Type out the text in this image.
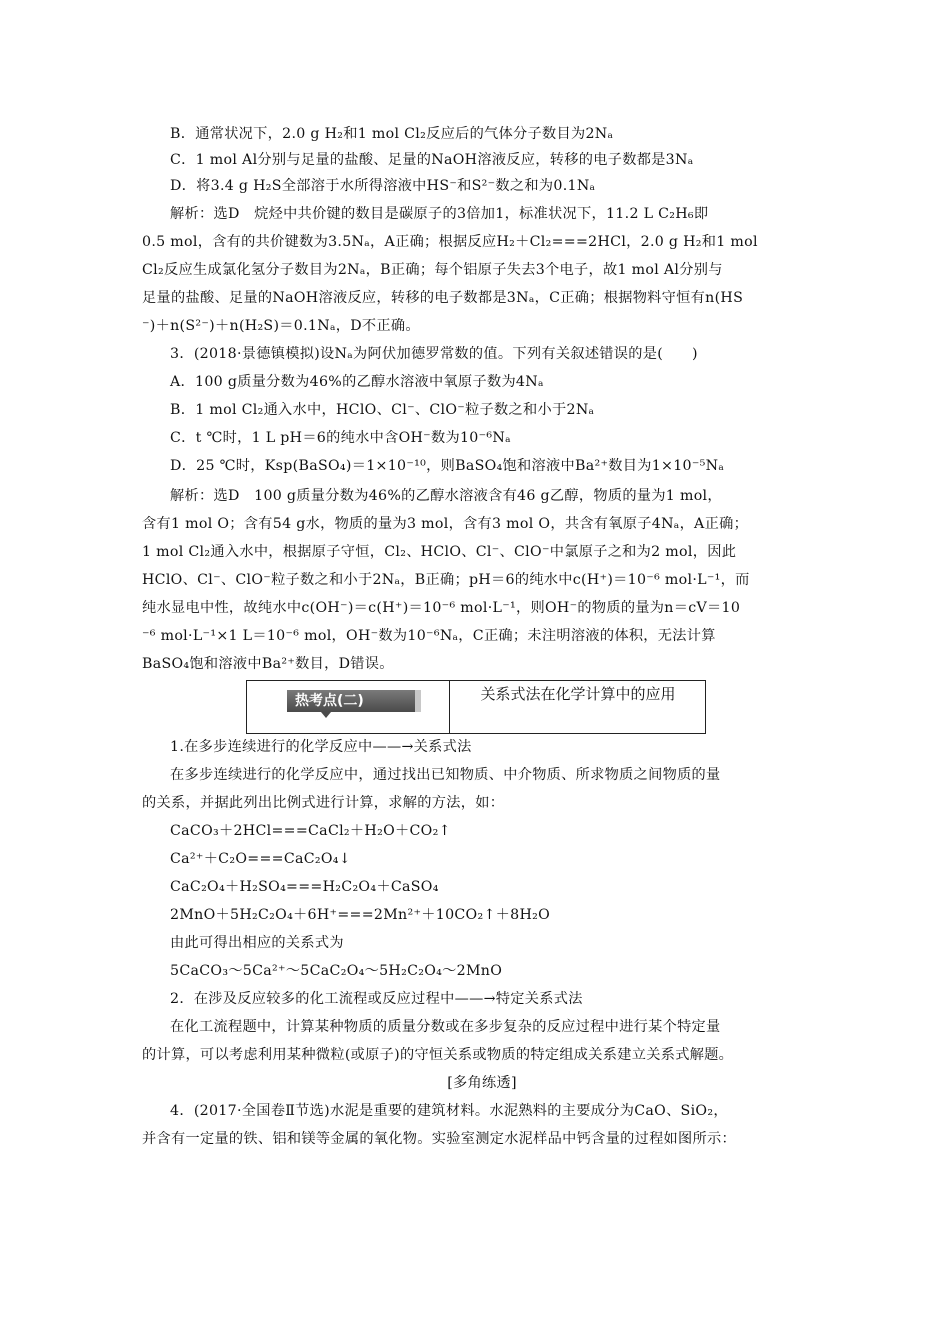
B．通常状况下，2.0 g H₂和1 mol Cl₂反应后的气体分子数目为2Nₐ
C．1 mol Al分别与足量的盐酸、足量的NaOH溶液反应，转移的电子数都是3Nₐ
D．将3.4 g H₂S全部溶于水所得溶液中HS⁻和S²⁻数之和为0.1Nₐ
解析：选D　烷烃中共价键的数目是碳原子的3倍加1，标准状况下，11.2 L C₂H₆即
0.5 mol，含有的共价键数为3.5Nₐ，A正确；根据反应H₂＋Cl₂===2HCl，2.0 g H₂和1 mol
Cl₂反应生成氯化氢分子数目为2Nₐ，B正确；每个铝原子失去3个电子，故1 mol Al分别与
足量的盐酸、足量的NaOH溶液反应，转移的电子数都是3Nₐ，C正确；根据物料守恒有n(HS
⁻)＋n(S²⁻)＋n(H₂S)＝0.1Nₐ，D不正确。
3．(2018·景德镇模拟)设Nₐ为阿伏加德罗常数的值。下列有关叙述错误的是(　　)
A．100 g质量分数为46%的乙醇水溶液中氧原子数为4Nₐ
B．1 mol Cl₂通入水中，HClO、Cl⁻、ClO⁻粒子数之和小于2Nₐ
C．t ℃时，1 L pH＝6的纯水中含OH⁻数为10⁻⁶Nₐ
D．25 ℃时，Ksp(BaSO₄)＝1×10⁻¹⁰，则BaSO₄饱和溶液中Ba²⁺数目为1×10⁻⁵Nₐ
解析：选D　100 g质量分数为46%的乙醇水溶液含有46 g乙醇，物质的量为1 mol，
含有1 mol O；含有54 g水，物质的量为3 mol，含有3 mol O，共含有氧原子4Nₐ，A正确；
1 mol Cl₂通入水中，根据原子守恒，Cl₂、HClO、Cl⁻、ClO⁻中氯原子之和为2 mol，因此
HClO、Cl⁻、ClO⁻粒子数之和小于2Nₐ，B正确；pH＝6的纯水中c(H⁺)＝10⁻⁶ mol·L⁻¹，而
纯水显电中性，故纯水中c(OH⁻)＝c(H⁺)＝10⁻⁶ mol·L⁻¹，则OH⁻的物质的量为n＝cV＝10
⁻⁶ mol·L⁻¹×1 L＝10⁻⁶ mol，OH⁻数为10⁻⁶Nₐ，C正确；未注明溶液的体积，无法计算
BaSO₄饱和溶液中Ba²⁺数目，D错误。
热考点(二)	关系式法在化学计算中的应用
1.在多步连续进行的化学反应中——→关系式法
在多步连续进行的化学反应中，通过找出已知物质、中介物质、所求物质之间物质的量
的关系，并据此列出比例式进行计算，求解的方法，如：
CaCO₃＋2HCl===CaCl₂＋H₂O＋CO₂↑
Ca²⁺＋C₂O===CaC₂O₄↓
CaC₂O₄＋H₂SO₄===H₂C₂O₄＋CaSO₄
2MnO＋5H₂C₂O₄＋6H⁺===2Mn²⁺＋10CO₂↑＋8H₂O
由此可得出相应的关系式为
5CaCO₃～5Ca²⁺～5CaC₂O₄～5H₂C₂O₄～2MnO
2．在涉及反应较多的化工流程或反应过程中——→特定关系式法
在化工流程题中，计算某种物质的质量分数或在多步复杂的反应过程中进行某个特定量
的计算，可以考虑利用某种微粒(或原子)的守恒关系或物质的特定组成关系建立关系式解题。
[多角练透]
4．(2017·全国卷Ⅱ节选)水泥是重要的建筑材料。水泥熟料的主要成分为CaO、SiO₂，
并含有一定量的铁、铝和镁等金属的氧化物。实验室测定水泥样品中钙含量的过程如图所示：
